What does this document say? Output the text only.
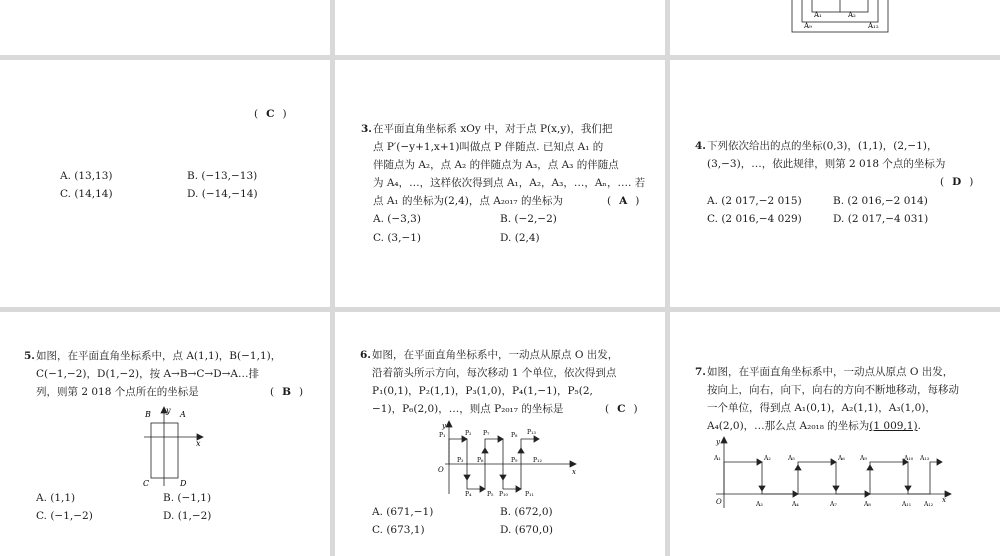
A₁	A₂
A₉	A₁₂
( C )
A. (13,13)	B. (−13,−13)
C. (14,14)	D. (−14,−14)
3. 在平面直角坐标系 xOy 中，对于点 P(x,y)，我们把
点 P′(−y+1,x+1)叫做点 P 伴随点. 已知点 A₁ 的
伴随点为 A₂，点 A₂ 的伴随点为 A₃，点 A₃ 的伴随点
为 A₄，…，这样依次得到点 A₁，A₂，A₃，…，Aₙ，…. 若
点 A₁ 的坐标为(2,4)，点 A₂₀₁₇ 的坐标为	( A )
A. (−3,3)	B. (−2,−2)
C. (3,−1)	D. (2,4)
4. 下列依次给出的点的坐标(0,3)，(1,1)，(2,−1)，
(3,−3)，…，依此规律，则第 2 018 个点的坐标为
( D )
A. (2 017,−2 015)	B. (2 016,−2 014)
C. (2 016,−4 029)	D. (2 017,−4 031)
5. 如图，在平面直角坐标系中，点 A(1,1)，B(−1,1)，
C(−1,−2)，D(1,−2)，按 A→B→C→D→A…排
列，则第 2 018 个点所在的坐标是	( B )
B y A
x
C	D
A. (1,1)	B. (−1,1)
C. (−1,−2)	D. (1,−2)
6. 如图，在平面直角坐标系中，一动点从原点 O 出发，
沿着箭头所示方向，每次移动 1 个单位，依次得到点
P₁(0,1)，P₂(1,1)，P₃(1,0)，P₄(1,−1)，P₅(2,
−1)，P₆(2,0)，…，则点 P₂₀₁₇ 的坐标是	( C )
y
O	x
P₁	P₂ P₇	P₈ P₁₃
P₃ P₆	P₉	P₁₂
P₄	P₅ P₁₀	P₁₁
A. (671,−1)	B. (672,0)
C. (673,1)	D. (670,0)
7. 如图，在平面直角坐标系中，一动点从原点 O 出发，
按向上，向右，向下，向右的方向不断地移动，每移动
一个单位，得到点 A₁(0,1)，A₂(1,1)，A₃(1,0)，
A₄(2,0)，…那么点 A₂₀₁₈ 的坐标为(1 009,1).
y
O	x
A₁	A₂	A₅	A₆	A₉	A₁₀ A₁₃
A₃	A₄	A₇	A₈	A₁₁ A₁₂
